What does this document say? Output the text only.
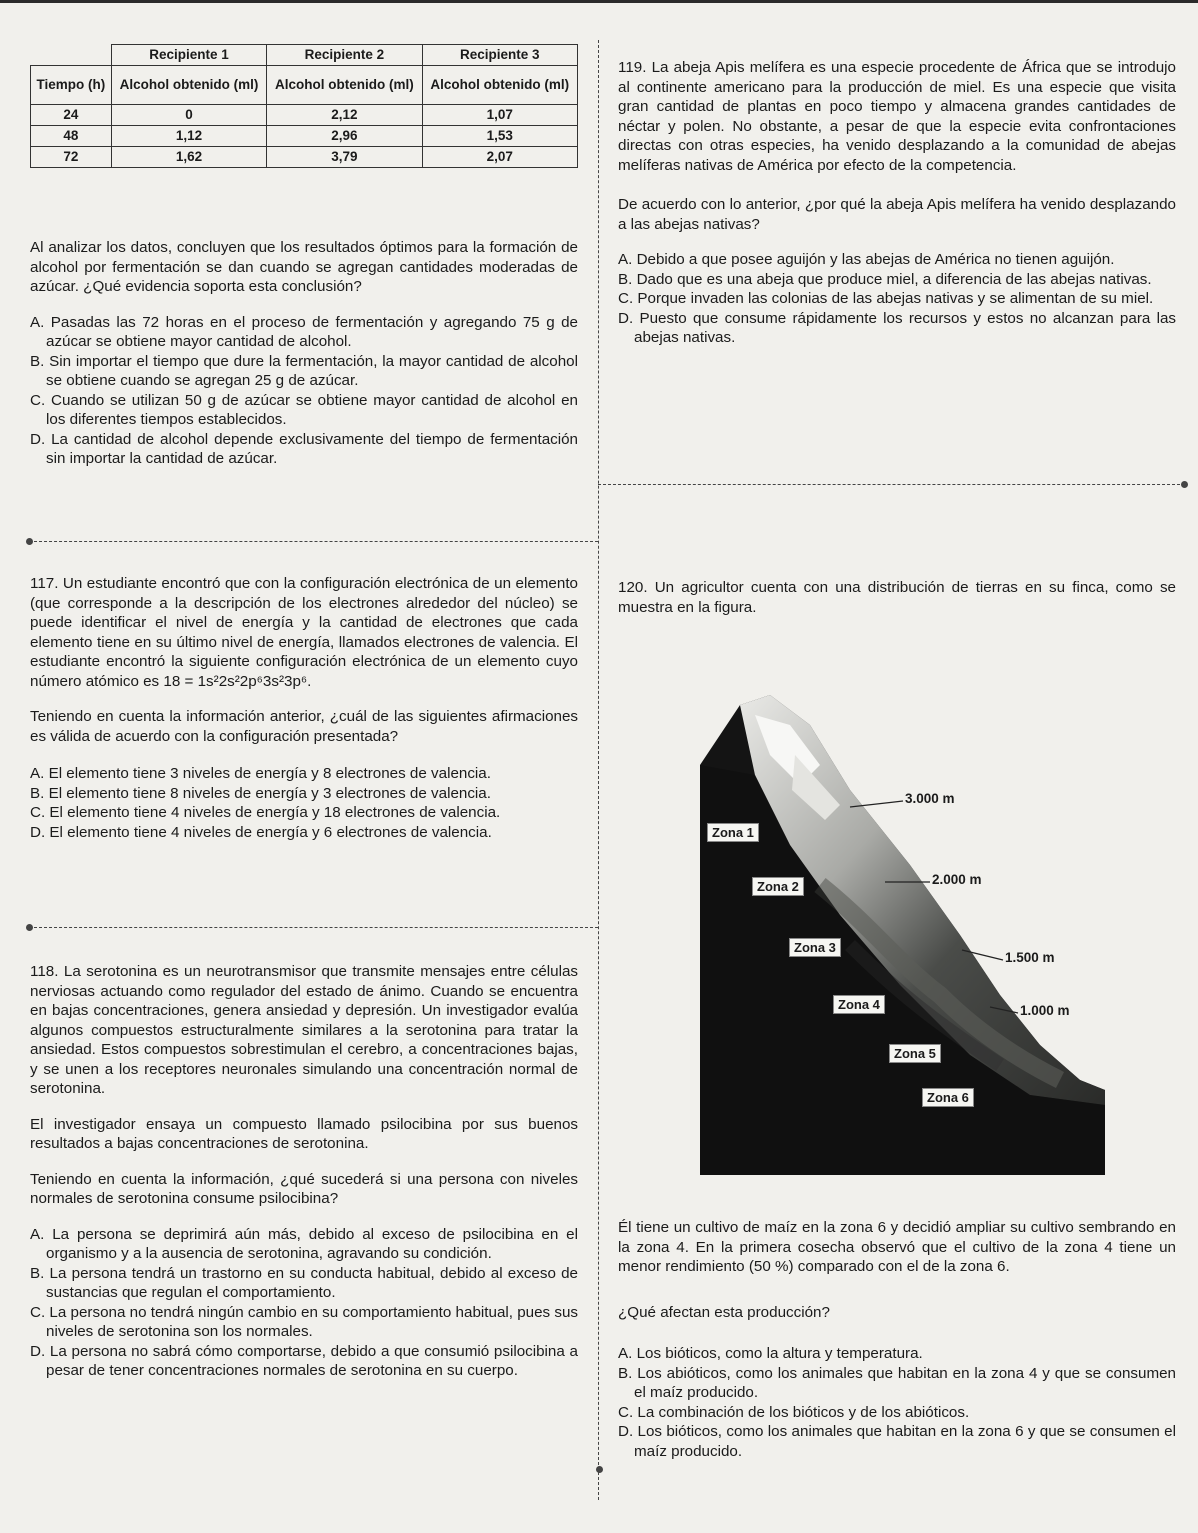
	Recipiente 1	Recipiente 2	Recipiente 3
Tiempo (h)	Alcohol obtenido (ml)	Alcohol obtenido (ml)	Alcohol obtenido (ml)
24	0	2,12	1,07
48	1,12	2,96	1,53
72	1,62	3,79	2,07

Al analizar los datos, concluyen que los resultados óptimos para la formación de alcohol por fermentación se dan cuando se agregan cantidades moderadas de azúcar. ¿Qué evidencia soporta esta conclusión?

A. Pasadas las 72 horas en el proceso de fermentación y agregando 75 g de azúcar se obtiene mayor cantidad de alcohol.

B. Sin importar el tiempo que dure la fermentación, la mayor cantidad de alcohol se obtiene cuando se agregan 25 g de azúcar.

C. Cuando se utilizan 50 g de azúcar se obtiene mayor cantidad de alcohol en los diferentes tiempos establecidos.

D. La cantidad de alcohol depende exclusivamente del tiempo de fermentación sin importar la cantidad de azúcar.

117. Un estudiante encontró que con la configuración electrónica de un elemento (que corresponde a la descripción de los electrones alrededor del núcleo) se puede identificar el nivel de energía y la cantidad de electrones que cada elemento tiene en su último nivel de energía, llamados electrones de valencia. El estudiante encontró la siguiente configuración electrónica de un elemento cuyo número atómico es 18 = 1s²2s²2p⁶3s²3p⁶.

Teniendo en cuenta la información anterior, ¿cuál de las siguientes afirmaciones es válida de acuerdo con la configuración presentada?

A. El elemento tiene 3 niveles de energía y 8 electrones de valencia.

B. El elemento tiene 8 niveles de energía y 3 electrones de valencia.

C. El elemento tiene 4 niveles de energía y 18 electrones de valencia.

D. El elemento tiene 4 niveles de energía y 6 electrones de valencia.

118. La serotonina es un neurotransmisor que transmite mensajes entre células nerviosas actuando como regulador del estado de ánimo. Cuando se encuentra en bajas concentraciones, genera ansiedad y depresión. Un investigador evalúa algunos compuestos estructuralmente similares a la serotonina para tratar la ansiedad. Estos compuestos sobrestimulan el cerebro, a concentraciones bajas, y se unen a los receptores neuronales simulando una concentración normal de serotonina.

El investigador ensaya un compuesto llamado psilocibina por sus buenos resultados a bajas concentraciones de serotonina.

Teniendo en cuenta la información, ¿qué sucederá si una persona con niveles normales de serotonina consume psilocibina?

A. La persona se deprimirá aún más, debido al exceso de psilocibina en el organismo y a la ausencia de serotonina, agravando su condición.

B. La persona tendrá un trastorno en su conducta habitual, debido al exceso de sustancias que regulan el comportamiento.

C. La persona no tendrá ningún cambio en su comportamiento habitual, pues sus niveles de serotonina son los normales.

D. La persona no sabrá cómo comportarse, debido a que consumió psilocibina a pesar de tener concentraciones normales de serotonina en su cuerpo.

119. La abeja Apis melífera es una especie procedente de África que se introdujo al continente americano para la producción de miel. Es una especie que visita gran cantidad de plantas en poco tiempo y almacena grandes cantidades de néctar y polen. No obstante, a pesar de que la especie evita confrontaciones directas con otras especies, ha venido desplazando a la comunidad de abejas melíferas nativas de América por efecto de la competencia.

De acuerdo con lo anterior, ¿por qué la abeja Apis melífera ha venido desplazando a las abejas nativas?

A. Debido a que posee aguijón y las abejas de América no tienen aguijón.

B. Dado que es una abeja que produce miel, a diferencia de las abejas nativas.

C. Porque invaden las colonias de las abejas nativas y se alimentan de su miel.

D. Puesto que consume rápidamente los recursos y estos no alcanzan para las abejas nativas.

120. Un agricultor cuenta con una distribución de tierras en su finca, como se muestra en la figura.

Zona 1
Zona 2
Zona 3
Zona 4
Zona 5
Zona 6
3.000 m
2.000 m
1.500 m
1.000 m

Él tiene un cultivo de maíz en la zona 6 y decidió ampliar su cultivo sembrando en la zona 4. En la primera cosecha observó que el cultivo de la zona 4 tiene un menor rendimiento (50 %) comparado con el de la zona 6.

¿Qué afectan esta producción?

A. Los bióticos, como la altura y temperatura.

B. Los abióticos, como los animales que habitan en la zona 4 y que se consumen el maíz producido.

C. La combinación de los bióticos y de los abióticos.

D. Los bióticos, como los animales que habitan en la zona 6 y que se consumen el maíz producido.
